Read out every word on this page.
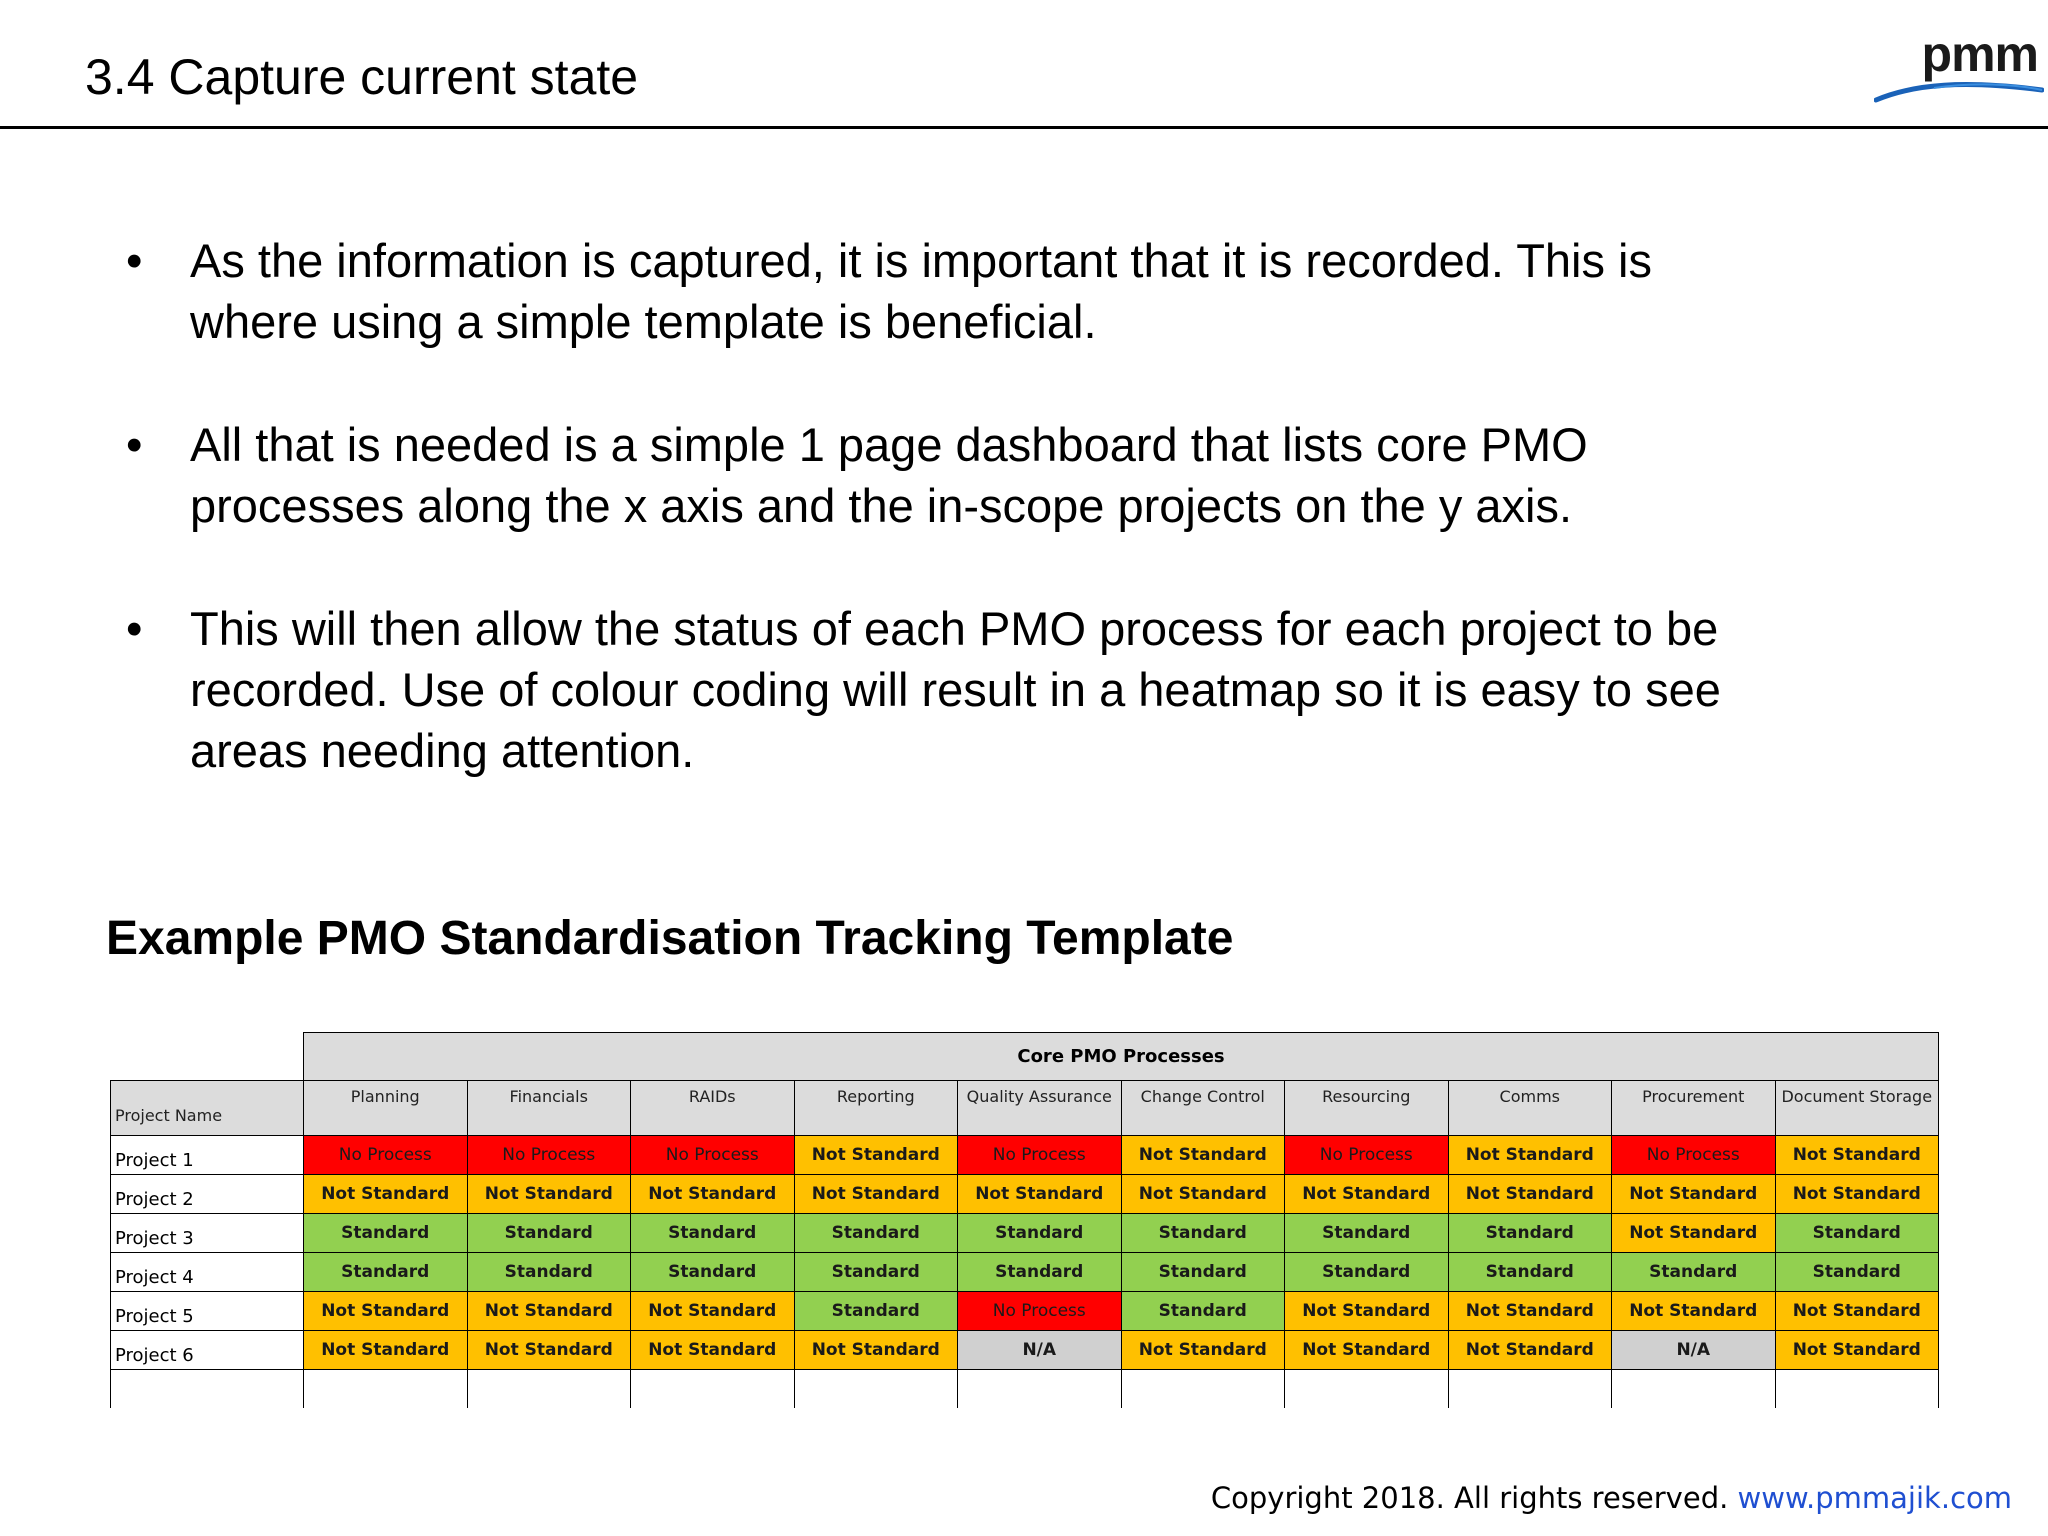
3.4 Capture current state	pmm
• As the information is captured, it is important that it is recorded. This is
where using a simple template is beneficial.
• All that is needed is a simple 1 page dashboard that lists core PMO
processes along the x axis and the in-scope projects on the y axis.
• This will then allow the status of each PMO process for each project to be
recorded. Use of colour coding will result in a heatmap so it is easy to see
areas needing attention.
Example PMO Standardisation Tracking Template
	Core PMO Processes									
Project Name	Planning	Financials	RAIDs	Reporting	Quality Assurance	Change Control	Resourcing	Comms	Procurement	Document Storage
Project 1	No Process	No Process	No Process	Not Standard	No Process	Not Standard	No Process	Not Standard	No Process	Not Standard
Project 2	Not Standard	Not Standard	Not Standard	Not Standard	Not Standard	Not Standard	Not Standard	Not Standard	Not Standard	Not Standard
Project 3	Standard	Standard	Standard	Standard	Standard	Standard	Standard	Standard	Not Standard	Standard
Project 4	Standard	Standard	Standard	Standard	Standard	Standard	Standard	Standard	Standard	Standard
Project 5	Not Standard	Not Standard	Not Standard	Standard	No Process	Standard	Not Standard	Not Standard	Not Standard	Not Standard
Project 6	Not Standard	Not Standard	Not Standard	Not Standard	N/A	Not Standard	Not Standard	Not Standard	N/A	Not Standard

Copyright 2018. All rights reserved. www.pmmajik.com
